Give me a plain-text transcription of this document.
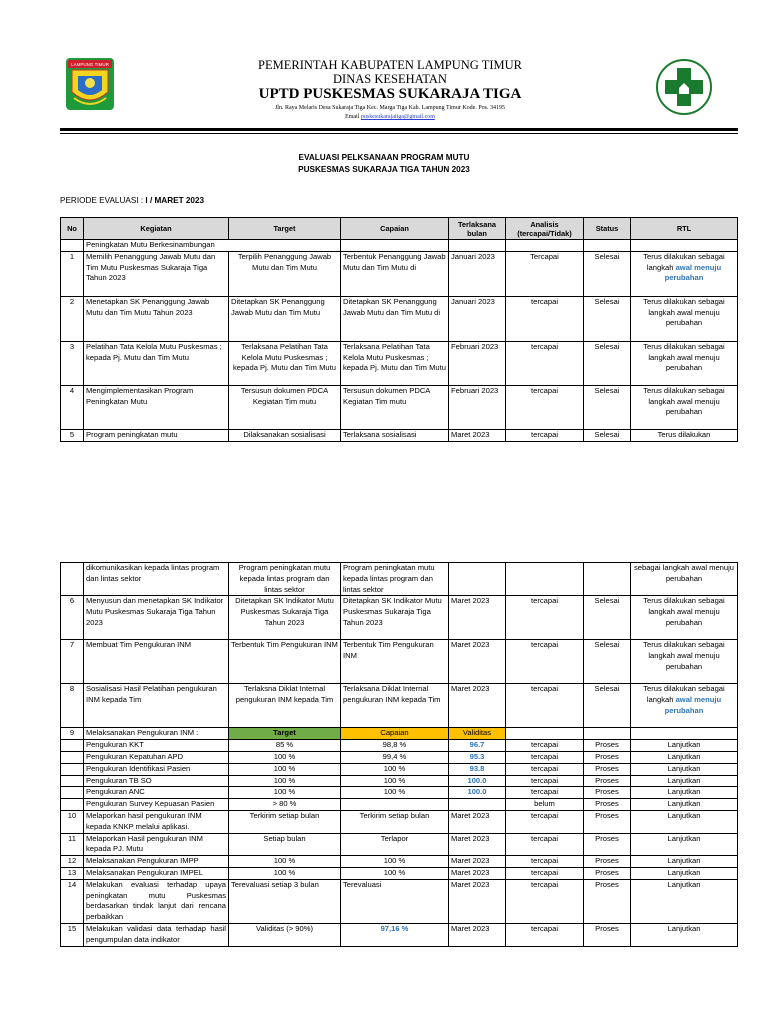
LAMPUNG TIMUR	PEMERINTAH KABUPATEN LAMPUNG TIMUR
DINAS KESEHATAN
UPTD PUSKESMAS SUKARAJA TIGA
Jln. Raya Melaris Desa Sukaraja Tiga Kec. Marga Tiga Kab. Lampung Timur Kode. Pos. 34195
Email puskesukarajatiga@gmail.com
EVALUASI PELKSANAAN PROGRAM MUTU
PUSKESMAS SUKARAJA TIGA TAHUN 2023
PERIODE EVALUASI : I / MARET 2023
No	Kegiatan	Target	Capaian	Terlaksana bulan	Analisis (tercapai/Tidak)	Status	RTL
	Peningkatan Mutu Berkesinambungan						
1	Memilih Penanggung Jawab Mutu dan Tim Mutu Puskesmas Sukaraja Tiga Tahun 2023	Terpilih Penanggung Jawab Mutu dan Tim Mutu	Terbentuk Penanggung Jawab Mutu dan Tim Mutu di	Januari 2023	Tercapai	Selesai	Terus dilakukan sebagai langkah awal menuju perubahan
2	Menetapkan SK Penanggung Jawab Mutu dan Tim Mutu Tahun 2023	Ditetapkan SK Penanggung Jawab Mutu dan Tim Mutu	Ditetapkan SK Penanggung Jawab Mutu dan Tim Mutu di	Januari 2023	tercapai	Selesai	Terus dilakukan sebagai langkah awal menuju perubahan
3	Pelatihan Tata Kelola Mutu Puskesmas ; kepada Pj. Mutu dan Tim Mutu	Terlaksana Pelatihan Tata Kelola Mutu Puskesmas ; kepada Pj. Mutu dan Tim Mutu	Terlaksana Pelatihan Tata Kelola Mutu Puskesmas ; kepada Pj. Mutu dan Tim Mutu	Februari 2023	tercapai	Selesai	Terus dilakukan sebagai langkah awal menuju perubahan
4	Mengimplementasikan Program Peningkatan Mutu	Tersusun dokumen PDCA Kegiatan Tim mutu	Tersusun dokumen PDCA Kegiatan Tim mutu	Februari 2023	tercapai	Selesai	Terus dilakukan sebagai langkah awal menuju perubahan
5	Program peningkatan mutu	Dilaksanakan sosialisasi	Terlaksana sosialisasi	Maret 2023	tercapai	Selesai	Terus dilakukan
	dikomunikasikan kepada lintas program dan lintas sektor	Program peningkatan mutu kepada lintas program dan lintas sektor	Program peningkatan mutu kepada lintas program dan lintas sektor				sebagai langkah awal menuju perubahan
6	Menyusun dan menetapkan SK Indikator Mutu Puskesmas Sukaraja Tiga Tahun 2023	Ditetapkan SK Indikator Mutu Puskesmas Sukaraja Tiga Tahun 2023	Ditetapkan SK Indikator Mutu Puskesmas Sukaraja Tiga Tahun 2023	Maret 2023	tercapai	Selesai	Terus dilakukan sebagai langkah awal menuju perubahan
7	Membuat Tim Pengukuran INM	Terbentuk Tim Pengukuran INM	Terbentuk Tim Pengukuran INM	Maret 2023	tercapai	Selesai	Terus dilakukan sebagai langkah awal menuju perubahan
8	Sosialisasi Hasil Pelatihan pengukuran INM kepada Tim	Terlaksna Diklat Internal pengukuran INM kepada Tim	Terlaksana Diklat Internal pengukuran INM kepada Tim	Maret 2023	tercapai	Selesai	Terus dilakukan sebagai langkah awal menuju perubahan
9	Melaksanakan Pengukuran INM :	Target	Capaian	Validitas			
	Pengukuran KKT	85 %	98,8 %	96.7	tercapai	Proses	Lanjutkan
	Pengukuran Kepatuhan APD	100 %	99,4 %	95.3	tercapai	Proses	Lanjutkan
	Pengukuran Identifikasi Pasien	100 %	100 %	93.8	tercapai	Proses	Lanjutkan
	Pengukuran TB SO	100 %	100 %	100.0	tercapai	Proses	Lanjutkan
	Pengukuran ANC	100 %	100 %	100.0	tercapai	Proses	Lanjutkan
	Pengukuran Survey Kepuasan Pasien	> 80 %			belum	Proses	Lanjutkan
10	Melaporkan hasil pengukuran INM kepada KNKP melalui aplikasi.	Terkirim setiap bulan	Terkirim setiap bulan	Maret 2023	tercapai	Proses	Lanjutkan
11	Melaporkan Hasil pengukuran INM kepada PJ. Mutu	Setiap bulan	Terlapor	Maret 2023	tercapai	Proses	Lanjutkan
12	Melaksanakan Pengukuran IMPP	100 %	100 %	Maret 2023	tercapai	Proses	Lanjutkan
13	Melaksanakan Pengukuran IMPEL	100 %	100 %	Maret 2023	tercapai	Proses	Lanjutkan
14	Melakukan evaluasi terhadap upaya peningkatan mutu Puskesmas berdasarkan tindak lanjut dari rencana perbaikkan	Terevaluasi setiap 3 bulan	Terevaluasi	Maret 2023	tercapai	Proses	Lanjutkan
15	Melakukan validasi data terhadap hasil pengumpulan data indikator	Validitas (> 90%)	97,16 %	Maret 2023	tercapai	Proses	Lanjutkan
